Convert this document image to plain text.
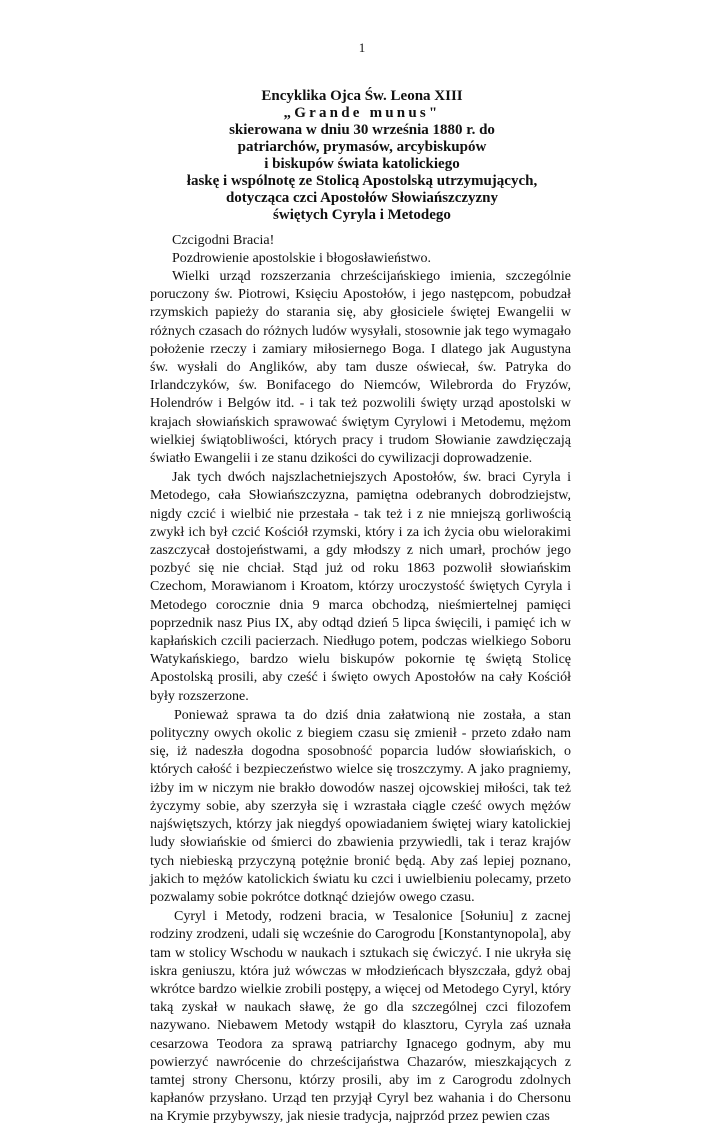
1
Encyklika Ojca Św. Leona XIII
„Grande munus"
skierowana w dniu 30 września 1880 r. do
patriarchów, prymasów, arcybiskupów
i biskupów świata katolickiego
łaskę i wspólnotę ze Stolicą Apostolską utrzymujących,
dotycząca czci Apostołów Słowiańszczyzny
świętych Cyryla i Metodego
Czcigodni Bracia!
Pozdrowienie apostolskie i błogosławieństwo.

Wielki urząd rozszerzania chrześcijańskiego imienia, szczególnie poruczony św. Piotrowi, Księciu Apostołów, i jego następcom, pobudzał rzymskich papieży do starania się, aby głosiciele świętej Ewangelii w różnych czasach do różnych ludów wysyłali, stosownie jak tego wymagało położenie rzeczy i zamiary miłosiernego Boga. I dlatego jak Augustyna św. wysłali do Anglików, aby tam dusze oświecał, św. Patryka do Irlandczyków, św. Bonifacego do Niemców, Wilebrorda do Fryzów, Holendrów i Belgów itd. - i tak też pozwolili święty urząd apostolski w krajach słowiańskich sprawować świętym Cyrylowi i Metodemu, mężom wielkiej świątobliwości, których pracy i trudom Słowianie zawdzięczają światło Ewangelii i ze stanu dzikości do cywilizacji doprowadzenie.

Jak tych dwóch najszlachetniejszych Apostołów, św. braci Cyryla i Metodego, cała Słowiańszczyzna, pamiętna odebranych dobrodziejstw, nigdy czcić i wielbić nie przestała - tak też i z nie mniejszą gorliwością zwykł ich był czcić Kościół rzymski, który i za ich życia obu wielorakimi zaszczycał dostojeństwami, a gdy młodszy z nich umarł, prochów jego pozbyć się nie chciał. Stąd już od roku 1863 pozwolił słowiańskim Czechom, Morawianom i Kroatom, którzy uroczystość świętych Cyryla i Metodego corocznie dnia 9 marca obchodzą, nieśmiertelnej pamięci poprzednik nasz Pius IX, aby odtąd dzień 5 lipca święcili, i pamięć ich w kapłańskich czcili pacierzach. Niedługo potem, podczas wielkiego Soboru Watykańskiego, bardzo wielu biskupów pokornie tę świętą Stolicę Apostolską prosili, aby cześć i święto owych Apostołów na cały Kościół były rozszerzone.

Ponieważ sprawa ta do dziś dnia załatwioną nie została, a stan polityczny owych okolic z biegiem czasu się zmienił - przeto zdało nam się, iż nadeszła dogodna sposobność poparcia ludów słowiańskich, o których całość i bezpieczeństwo wielce się troszczymy. A jako pragniemy, iżby im w niczym nie brakło dowodów naszej ojcowskiej miłości, tak też życzymy sobie, aby szerzyła się i wzrastała ciągle cześć owych mężów najświętszych, którzy jak niegdyś opowiadaniem świętej wiary katolickiej ludy słowiańskie od śmierci do zbawienia przywiedli, tak i teraz krajów tych niebieską przyczyną potężnie bronić będą. Aby zaś lepiej poznano, jakich to mężów katolickich światu ku czci i uwielbieniu polecamy, przeto pozwalamy sobie pokrótce dotknąć dziejów owego czasu.

Cyryl i Metody, rodzeni bracia, w Tesalonice [Sołuniu] z zacnej rodziny zrodzeni, udali się wcześnie do Carogrodu [Konstantynopola], aby tam w stolicy Wschodu w naukach i sztukach się ćwiczyć. I nie ukryła się iskra geniuszu, która już wówczas w młodzieńcach błyszczała, gdyż obaj wkrótce bardzo wielkie zrobili postępy, a więcej od Metodego Cyryl, który taką zyskał w naukach sławę, że go dla szczególnej czci filozofem nazywano. Niebawem Metody wstąpił do klasztoru, Cyryla zaś uznała cesarzowa Teodora za sprawą patriarchy Ignacego godnym, aby mu powierzyć nawrócenie do chrześcijaństwa Chazarów, mieszkających z tamtej strony Chersonu, którzy prosili, aby im z Carogrodu zdolnych kapłanów przysłano. Urząd ten przyjął Cyryl bez wahania i do Chersonu na Krymie przybywszy, jak niesie tradycja, najprzód przez pewien czas
